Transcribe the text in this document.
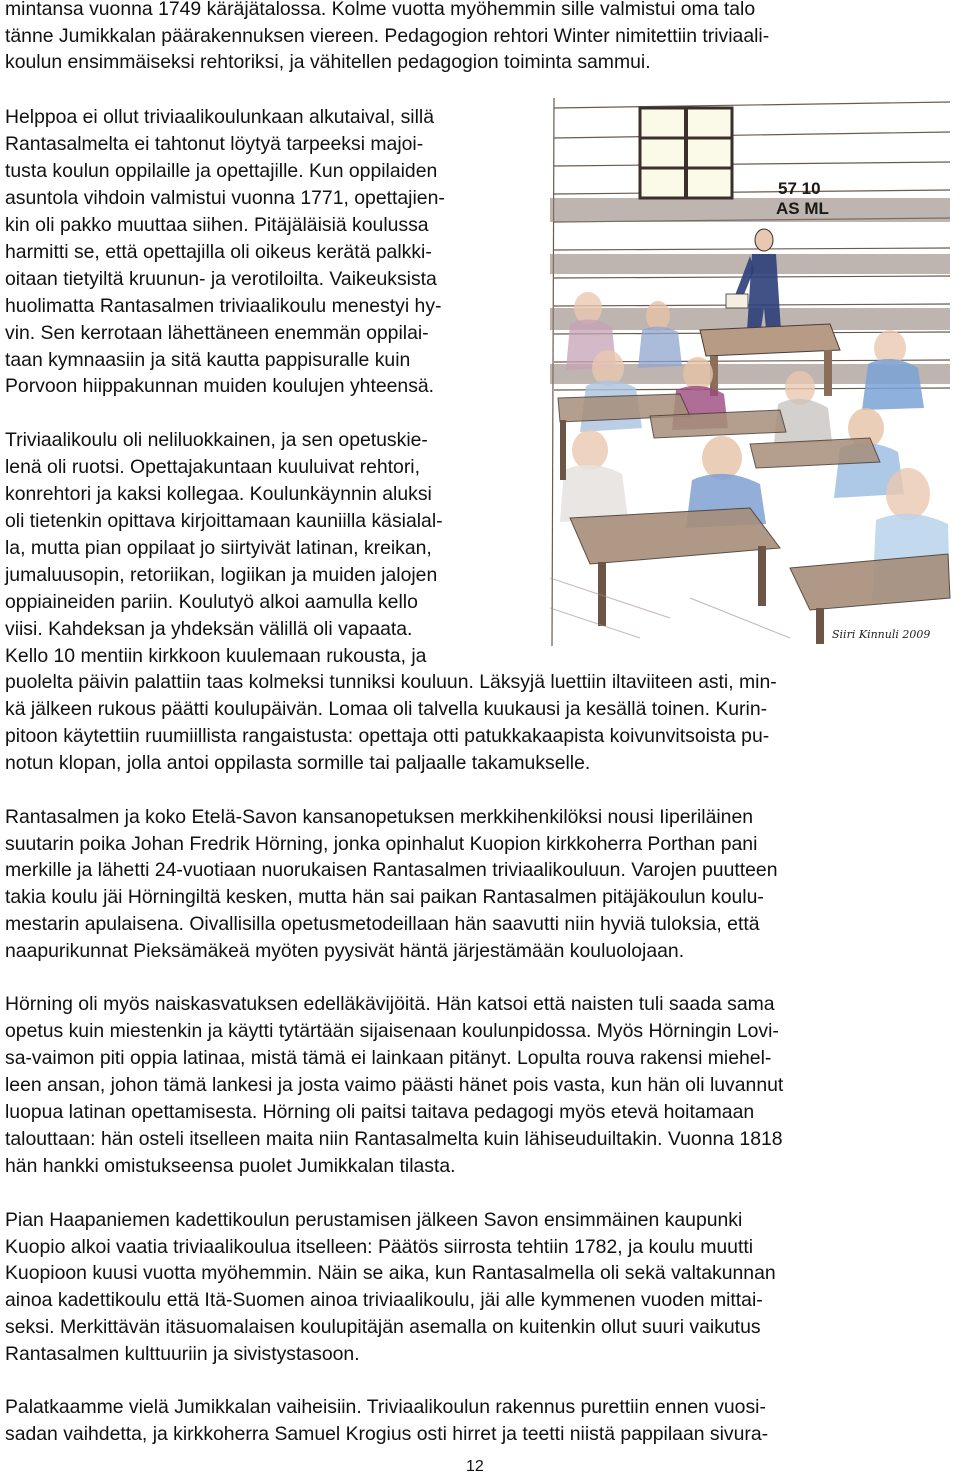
mintansa vuonna 1749 käräjätalossa. Kolme vuotta myöhemmin sille valmistui oma talo
tänne Jumikkalan päärakennuksen viereen. Pedagogion rehtori Winter nimitettiin triviaali-
koulun ensimmäiseksi rehtoriksi, ja vähitellen pedagogion toiminta sammui.
Helppoa ei ollut triviaalikoulunkaan alkutaival, sillä
Rantasalmelta ei tahtonut löytyä tarpeeksi majoi-
tusta koulun oppilaille ja opettajille. Kun oppilaiden
asuntola vihdoin valmistui vuonna 1771, opettajien-
kin oli pakko muuttaa siihen. Pitäjäläisiä koulussa
harmitti se, että opettajilla oli oikeus kerätä palkki-
oitaan tietyiltä kruunun- ja verotiloilta. Vaikeuksista
huolimatta Rantasalmen triviaalikoulu menestyi hy-
vin. Sen kerrotaan lähettäneen enemmän oppilai-
taan kymnaasiin ja sitä kautta pappisuralle kuin
Porvoon hiippakunnan muiden koulujen yhteensä.
Triviaalikoulu oli neliluokkainen, ja sen opetuskie-
lenä oli ruotsi. Opettajakuntaan kuuluivat rehtori,
konrehtori ja kaksi kollegaa. Koulunkäynnin aluksi
oli tietenkin opittava kirjoittamaan kauniilla käsialal-
la, mutta pian oppilaat jo siirtyivät latinan, kreikan,
jumaluusopin, retoriikan, logiikan ja muiden jalojen
oppiaineiden pariin. Koulutyö alkoi aamulla kello
viisi. Kahdeksan ja yhdeksän välillä oli vapaata.
Kello 10 mentiin kirkkoon kuulemaan rukousta, ja
puolelta päivin palattiin taas kolmeksi tunniksi kouluun. Läksyjä luettiin iltaviiteen asti, min-
kä jälkeen rukous päätti koulupäivän. Lomaa oli talvella kuukausi ja kesällä toinen. Kurin-
pitoon käytettiin ruumiillista rangaistusta: opettaja otti patukkakaapista koivunvitsoista pu-
notun klopan, jolla antoi oppilasta sormille tai paljaalle takamukselle.
Rantasalmen ja koko Etelä-Savon kansanopetuksen merkkihenkilöksi nousi Iiperiläinen
suutarin poika Johan Fredrik Hörning, jonka opinhalut Kuopion kirkkoherra Porthan pani
merkille ja lähetti 24-vuotiaan nuorukaisen Rantasalmen triviaalikouluun. Varojen puutteen
takia koulu jäi Hörningiltä kesken, mutta hän sai paikan Rantasalmen pitäjäkoulun koulu-
mestarin apulaisena. Oivallisilla opetusmetodeillaan hän saavutti niin hyviä tuloksia, että
naapurikunnat Pieksämäkeä myöten pyysivät häntä järjestämään kouluolojaan.
Hörning oli myös naiskasvatuksen edelläkävijöitä. Hän katsoi että naisten tuli saada sama
opetus kuin miestenkin ja käytti tytärtään sijaisenaan koulunpidossa. Myös Hörningin Lovi-
sa-vaimon piti oppia latinaa, mistä tämä ei lainkaan pitänyt. Lopulta rouva rakensi miehel-
leen ansan, johon tämä lankesi ja josta vaimo päästi hänet pois vasta, kun hän oli luvannut
luopua latinan opettamisesta. Hörning oli paitsi taitava pedagogi myös etevä hoitamaan
talouttaan: hän osteli itselleen maita niin Rantasalmelta kuin lähiseuduiltakin. Vuonna 1818
hän hankki omistukseensa puolet Jumikkalan tilasta.
Pian Haapaniemen kadettikoulun perustamisen jälkeen Savon ensimmäinen kaupunki
Kuopio alkoi vaatia triviaalikoulua itselleen: Päätös siirrosta tehtiin 1782, ja koulu muutti
Kuopioon kuusi vuotta myöhemmin. Näin se aika, kun Rantasalmella oli sekä valtakunnan
ainoa kadettikoulu että Itä-Suomen ainoa triviaalikoulu, jäi alle kymmenen vuoden mittai-
seksi. Merkittävän itäsuomalaisen koulupitäjän asemalla on kuitenkin ollut suuri vaikutus
Rantasalmen kulttuuriin ja sivistystasoon.
Palatkaamme vielä Jumikkalan vaiheisiin. Triviaalikoulun rakennus purettiin ennen vuosi-
sadan vaihdetta, ja kirkkoherra Samuel Krogius osti hirret ja teetti niistä pappilaan sivura-
57 10
AS ML
Siiri Kinnuli 2009
12
